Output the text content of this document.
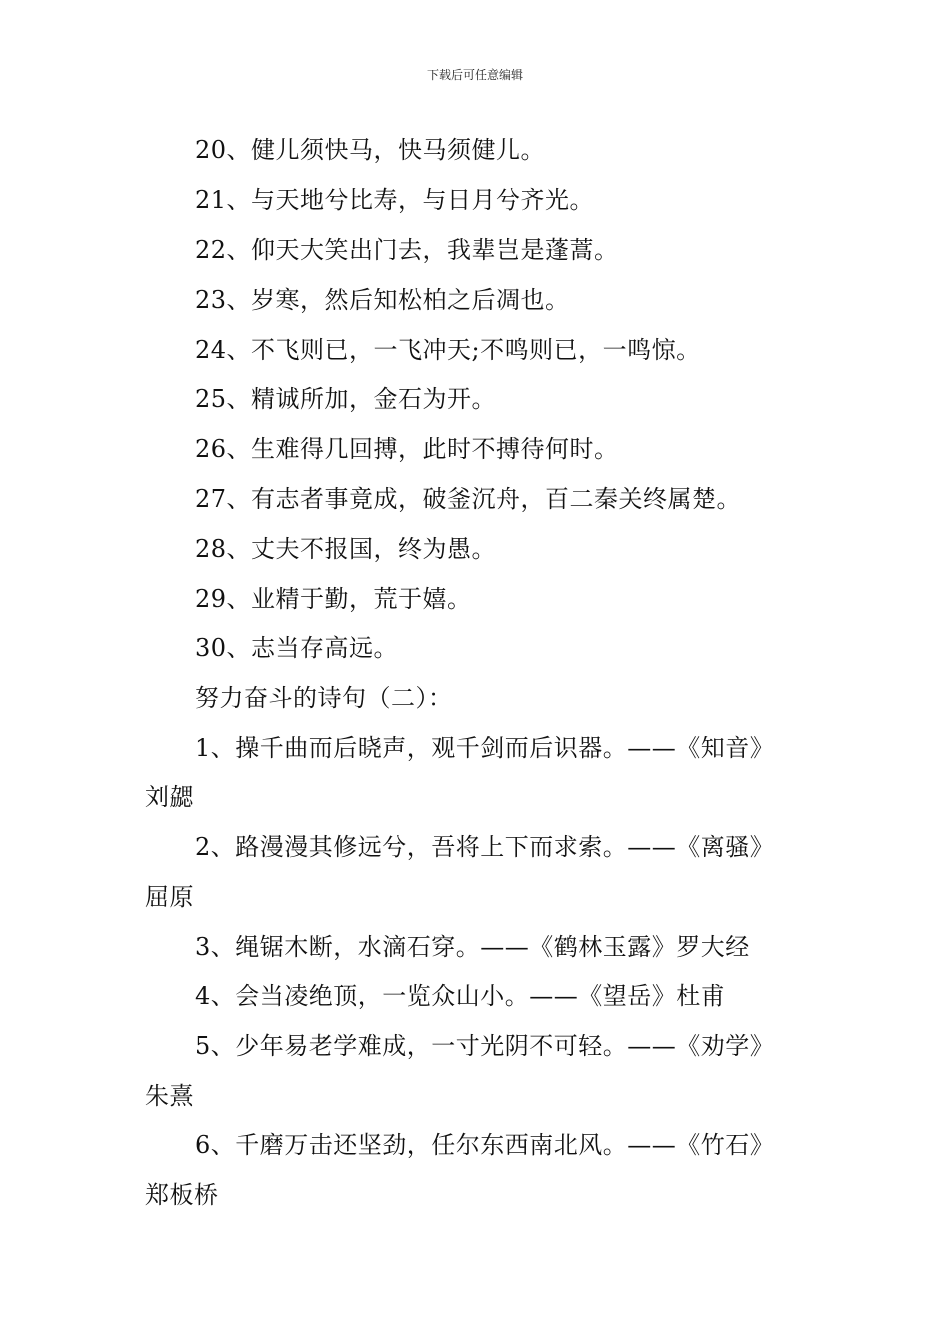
下载后可任意编辑
20、健儿须快马，快马须健儿。
21、与天地兮比寿，与日月兮齐光。
22、仰天大笑出门去，我辈岂是蓬蒿。
23、岁寒，然后知松柏之后凋也。
24、不飞则已，一飞冲天;不鸣则已，一鸣惊。
25、精诚所加，金石为开。
26、生难得几回搏，此时不搏待何时。
27、有志者事竟成，破釜沉舟，百二秦关终属楚。
28、丈夫不报国，终为愚。
29、业精于勤，荒于嬉。
30、志当存高远。
努力奋斗的诗句（二）：
1、操千曲而后晓声，观千剑而后识器。——《知音》
刘勰
2、路漫漫其修远兮，吾将上下而求索。——《离骚》
屈原
3、绳锯木断，水滴石穿。——《鹤林玉露》罗大经
4、会当凌绝顶，一览众山小。——《望岳》杜甫
5、少年易老学难成，一寸光阴不可轻。——《劝学》
朱熹
6、千磨万击还坚劲，任尔东西南北风。——《竹石》
郑板桥
